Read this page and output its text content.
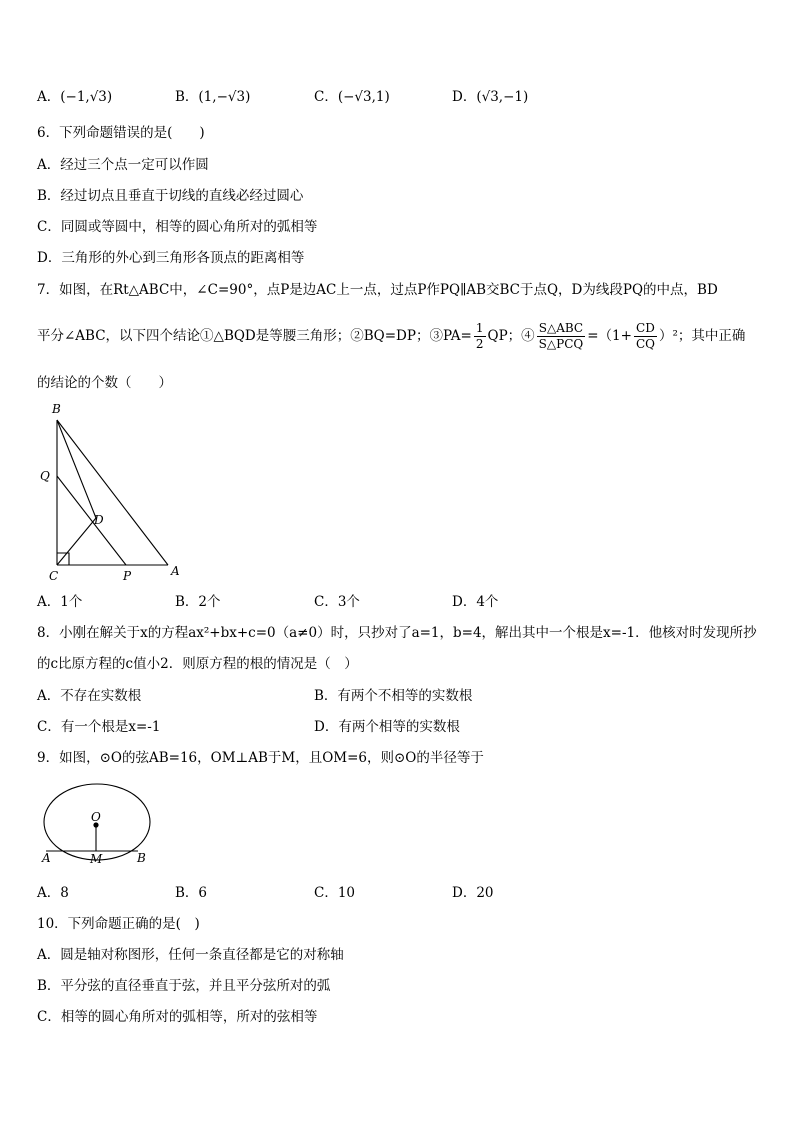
A．(−1,√3)	B．(1,−√3)	C．(−√3,1)	D．(√3,−1)
6．下列命题错误的是(　　)
A．经过三个点一定可以作圆
B．经过切点且垂直于切线的直线必经过圆心
C．同圆或等圆中，相等的圆心角所对的弧相等
D．三角形的外心到三角形各顶点的距离相等
7．如图，在Rt△ABC中，∠C=90°，点P是边AC上一点，过点P作PQ∥AB交BC于点Q，D为线段PQ的中点，BD
平分∠ABC，以下四个结论①△BQD是等腰三角形；②BQ=DP；③PA= $\frac{1}{2}$ QP；④ $\frac{\text{S△ABC}}{\text{S△PCQ}} =(1+ \frac{CD}{CQ} )^2$；其中正确
的结论的个数（　　）
B
Q
D
C	P	A
A．1个	B．2个	C．3个	D．4个
8．小刚在解关于x的方程ax²+bx+c=0（a≠0）时，只抄对了a=1，b=4，解出其中一个根是x=-1．他核对时发现所抄
的c比原方程的c值小2．则原方程的根的情况是（　）
A．不存在实数根	B．有两个不相等的实数根
C．有一个根是x=-1	D．有两个相等的实数根
9．如图，⊙O的弦AB=16，OM⊥AB于M，且OM=6，则⊙O的半径等于
O
A	M	B
A．8	B．6	C．10	D．20
10．下列命题正确的是(　)
A．圆是轴对称图形，任何一条直径都是它的对称轴
B．平分弦的直径垂直于弦，并且平分弦所对的弧
C．相等的圆心角所对的弧相等，所对的弦相等
